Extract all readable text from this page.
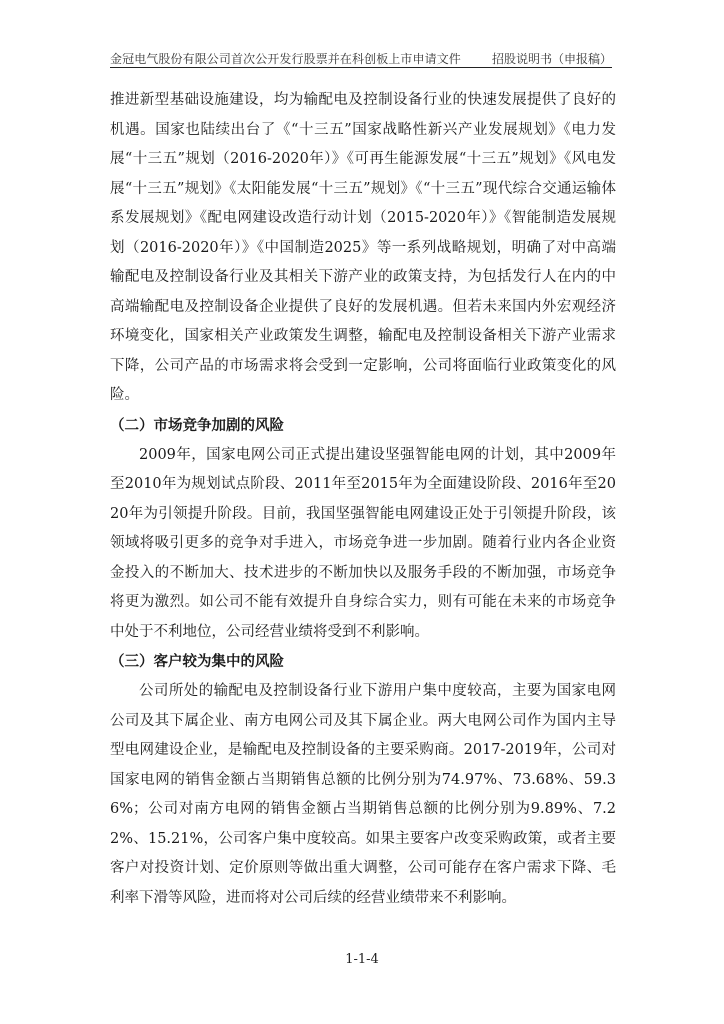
金冠电气股份有限公司首次公开发行股票并在科创板上市申请文件	招股说明书（申报稿）

推进新型基础设施建设，均为输配电及控制设备行业的快速发展提供了良好的机遇。国家也陆续出台了《“十三五”国家战略性新兴产业发展规划》《电力发展“十三五”规划（2016-2020年）》《可再生能源发展“十三五”规划》《风电发展“十三五”规划》《太阳能发展“十三五”规划》《“十三五”现代综合交通运输体系发展规划》《配电网建设改造行动计划（2015-2020年）》《智能制造发展规划（2016-2020年）》《中国制造2025》等一系列战略规划，明确了对中高端输配电及控制设备行业及其相关下游产业的政策支持，为包括发行人在内的中高端输配电及控制设备企业提供了良好的发展机遇。但若未来国内外宏观经济环境变化，国家相关产业政策发生调整，输配电及控制设备相关下游产业需求下降，公司产品的市场需求将会受到一定影响，公司将面临行业政策变化的风险。

（二）市场竞争加剧的风险

2009年，国家电网公司正式提出建设坚强智能电网的计划，其中2009年至2010年为规划试点阶段、2011年至2015年为全面建设阶段、2016年至2020年为引领提升阶段。目前，我国坚强智能电网建设正处于引领提升阶段，该领域将吸引更多的竞争对手进入，市场竞争进一步加剧。随着行业内各企业资金投入的不断加大、技术进步的不断加快以及服务手段的不断加强，市场竞争将更为激烈。如公司不能有效提升自身综合实力，则有可能在未来的市场竞争中处于不利地位，公司经营业绩将受到不利影响。

（三）客户较为集中的风险

公司所处的输配电及控制设备行业下游用户集中度较高，主要为国家电网公司及其下属企业、南方电网公司及其下属企业。两大电网公司作为国内主导型电网建设企业，是输配电及控制设备的主要采购商。2017-2019年，公司对国家电网的销售金额占当期销售总额的比例分别为74.97%、73.68%、59.36%；公司对南方电网的销售金额占当期销售总额的比例分别为9.89%、7.22%、15.21%，公司客户集中度较高。如果主要客户改变采购政策，或者主要客户对投资计划、定价原则等做出重大调整，公司可能存在客户需求下降、毛利率下滑等风险，进而将对公司后续的经营业绩带来不利影响。

1-1-4
